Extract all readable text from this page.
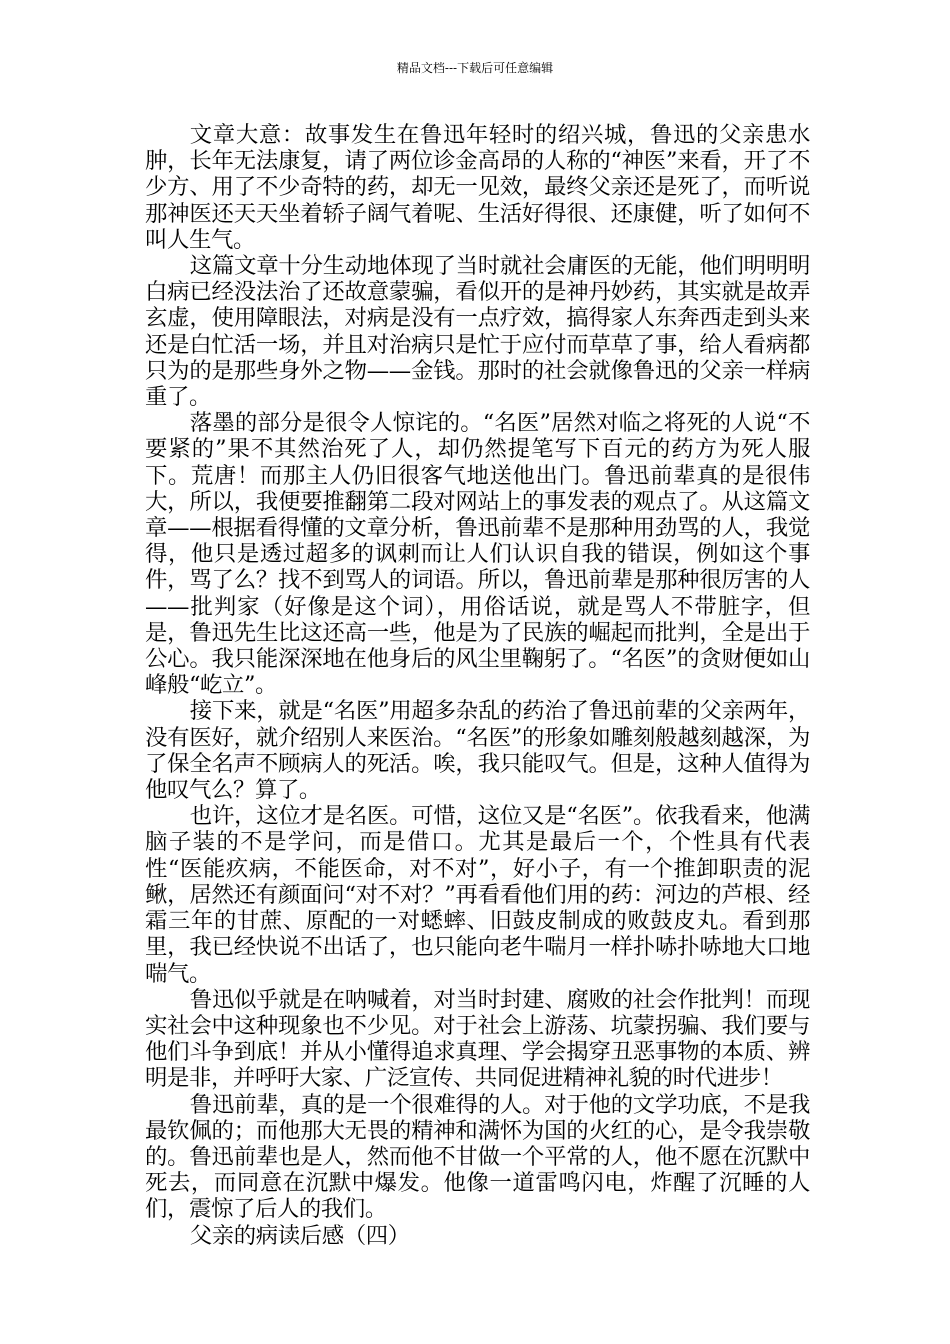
精品文档---下载后可任意编辑

文章大意：故事发生在鲁迅年轻时的绍兴城，鲁迅的父亲患水肿，长年无法康复，请了两位诊金高昂的人称的“神医”来看，开了不少方、用了不少奇特的药，却无一见效，最终父亲还是死了，而听说那神医还天天坐着轿子阔气着呢、生活好得很、还康健，听了如何不叫人生气。

这篇文章十分生动地体现了当时就社会庸医的无能，他们明明明白病已经没法治了还故意蒙骗，看似开的是神丹妙药，其实就是故弄玄虚，使用障眼法，对病是没有一点疗效，搞得家人东奔西走到头来还是白忙活一场，并且对治病只是忙于应付而草草了事，给人看病都只为的是那些身外之物——金钱。那时的社会就像鲁迅的父亲一样病重了。

落墨的部分是很令人惊诧的。“名医”居然对临之将死的人说“不要紧的”果不其然治死了人，却仍然提笔写下百元的药方为死人服下。荒唐！而那主人仍旧很客气地送他出门。鲁迅前辈真的是很伟大，所以，我便要推翻第二段对网站上的事发表的观点了。从这篇文章——根据看得懂的文章分析，鲁迅前辈不是那种用劲骂的人，我觉得，他只是透过超多的讽刺而让人们认识自我的错误，例如这个事件，骂了么？找不到骂人的词语。所以，鲁迅前辈是那种很厉害的人——批判家（好像是这个词），用俗话说，就是骂人不带脏字，但是，鲁迅先生比这还高一些，他是为了民族的崛起而批判，全是出于公心。我只能深深地在他身后的风尘里鞠躬了。“名医”的贪财便如山峰般“屹立”。

接下来，就是“名医”用超多杂乱的药治了鲁迅前辈的父亲两年，没有医好，就介绍别人来医治。“名医”的形象如雕刻般越刻越深，为了保全名声不顾病人的死活。唉，我只能叹气。但是，这种人值得为他叹气么？算了。

也许，这位才是名医。可惜，这位又是“名医”。依我看来，他满脑子装的不是学问，而是借口。尤其是最后一个，个性具有代表性“医能疚病，不能医命，对不对”，好小子，有一个推卸职责的泥鳅，居然还有颜面问“对不对？”再看看他们用的药：河边的芦根、经霜三年的甘蔗、原配的一对蟋蟀、旧鼓皮制成的败鼓皮丸。看到那里，我已经快说不出话了，也只能向老牛喘月一样扑哧扑哧地大口地喘气。

鲁迅似乎就是在呐喊着，对当时封建、腐败的社会作批判！而现实社会中这种现象也不少见。对于社会上游荡、坑蒙拐骗、我们要与他们斗争到底！并从小懂得追求真理、学会揭穿丑恶事物的本质、辨明是非，并呼吁大家、广泛宣传、共同促进精神礼貌的时代进步！

鲁迅前辈，真的是一个很难得的人。对于他的文学功底，不是我最钦佩的；而他那大无畏的精神和满怀为国的火红的心，是令我崇敬的。鲁迅前辈也是人，然而他不甘做一个平常的人，他不愿在沉默中死去，而同意在沉默中爆发。他像一道雷鸣闪电，炸醒了沉睡的人们，震惊了后人的我们。

父亲的病读后感（四）
